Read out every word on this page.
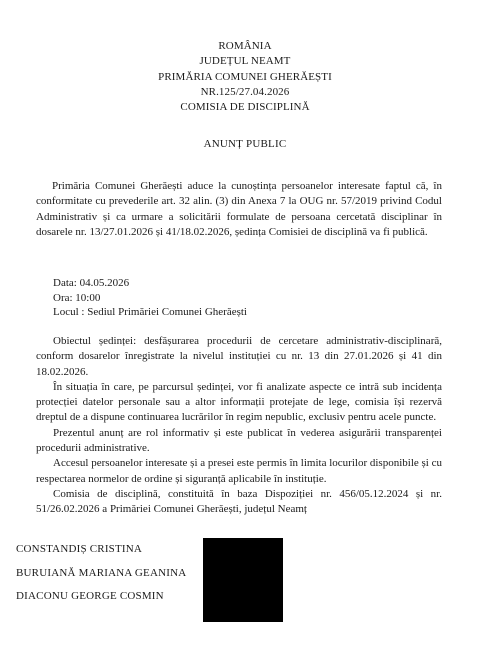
ROMÂNIA
JUDEȚUL NEAMT
PRIMĂRIA COMUNEI GHERĂEȘTI
NR.125/27.04.2026
COMISIA DE DISCIPLINĂ
ANUNȚ PUBLIC

Primăria Comunei Gherăești aduce la cunoștința persoanelor interesate faptul că, în conformitate cu prevederile art. 32 alin. (3) din Anexa 7 la OUG nr. 57/2019 privind Codul Administrativ și ca urmare a solicitării formulate de persoana cercetată disciplinar în dosarele nr. 13/27.01.2026 și 41/18.02.2026, ședința Comisiei de disciplină va fi publică.

Data: 04.05.2026
Ora: 10:00
Locul : Sediul Primăriei Comunei Gherăești

Obiectul ședinței: desfășurarea procedurii de cercetare administrativ-disciplinară, conform dosarelor înregistrate la nivelul instituției cu nr. 13 din 27.01.2026 și 41 din 18.02.2026.

În situația în care, pe parcursul ședinței, vor fi analizate aspecte ce intră sub incidența protecției datelor personale sau a altor informații protejate de lege, comisia își rezervă dreptul de a dispune continuarea lucrărilor în regim nepublic, exclusiv pentru acele puncte.

Prezentul anunț are rol informativ și este publicat în vederea asigurării transparenței procedurii administrative.

Accesul persoanelor interesate și a presei este permis în limita locurilor disponibile și cu respectarea normelor de ordine și siguranță aplicabile în instituție.

Comisia de disciplină, constituită în baza Dispoziției nr. 456/05.12.2024 și nr. 51/26.02.2026 a Primăriei Comunei Gherăești, județul Neamț

CONSTANDIȘ CRISTINA
BURUIANĂ MARIANA GEANINA
DIACONU GEORGE COSMIN
